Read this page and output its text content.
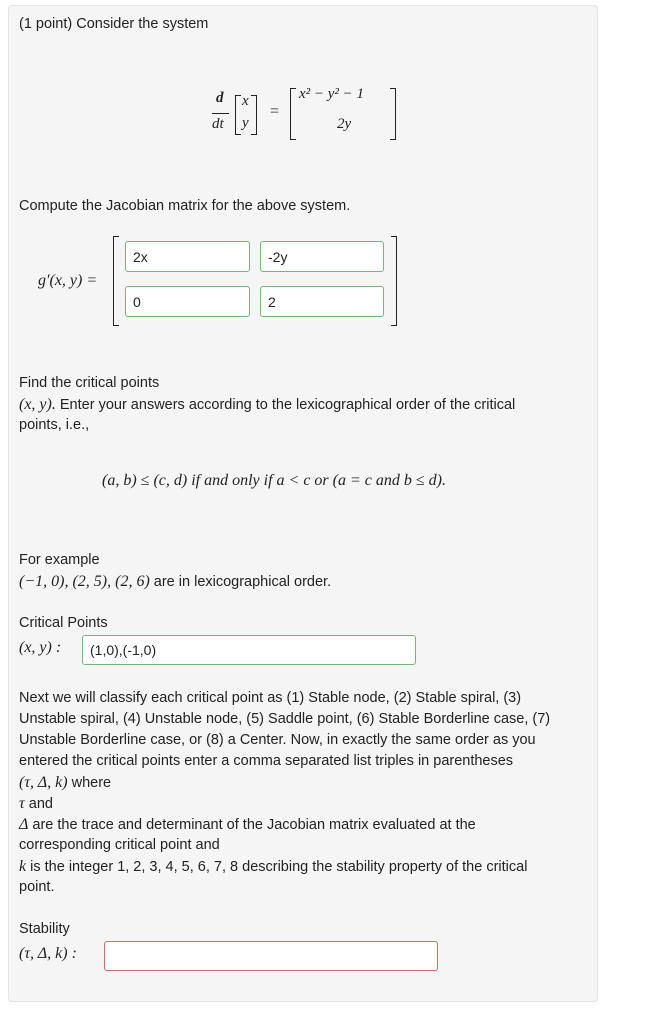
(1 point) Consider the system
d
dt
x
y
=
x² − y² − 1
2y
Compute the Jacobian matrix for the above system.
g′(x, y) =
2x
-2y
0
2
Find the critical points
(x, y). Enter your answers according to the lexicographical order of the critical
points, i.e.,
(a, b) ≤ (c, d) if and only if a < c or (a = c and b ≤ d).
For example
(−1, 0), (2, 5), (2, 6) are in lexicographical order.
Critical Points
(x, y) :
(1,0),(-1,0)
Next we will classify each critical point as (1) Stable node, (2) Stable spiral, (3)
Unstable spiral, (4) Unstable node, (5) Saddle point, (6) Stable Borderline case, (7)
Unstable Borderline case, or (8) a Center. Now, in exactly the same order as you
entered the critical points enter a comma separated list triples in parentheses
(τ, Δ, k) where
τ and
Δ are the trace and determinant of the Jacobian matrix evaluated at the
corresponding critical point and
k is the integer 1, 2, 3, 4, 5, 6, 7, 8 describing the stability property of the critical
point.
Stability
(τ, Δ, k) :
